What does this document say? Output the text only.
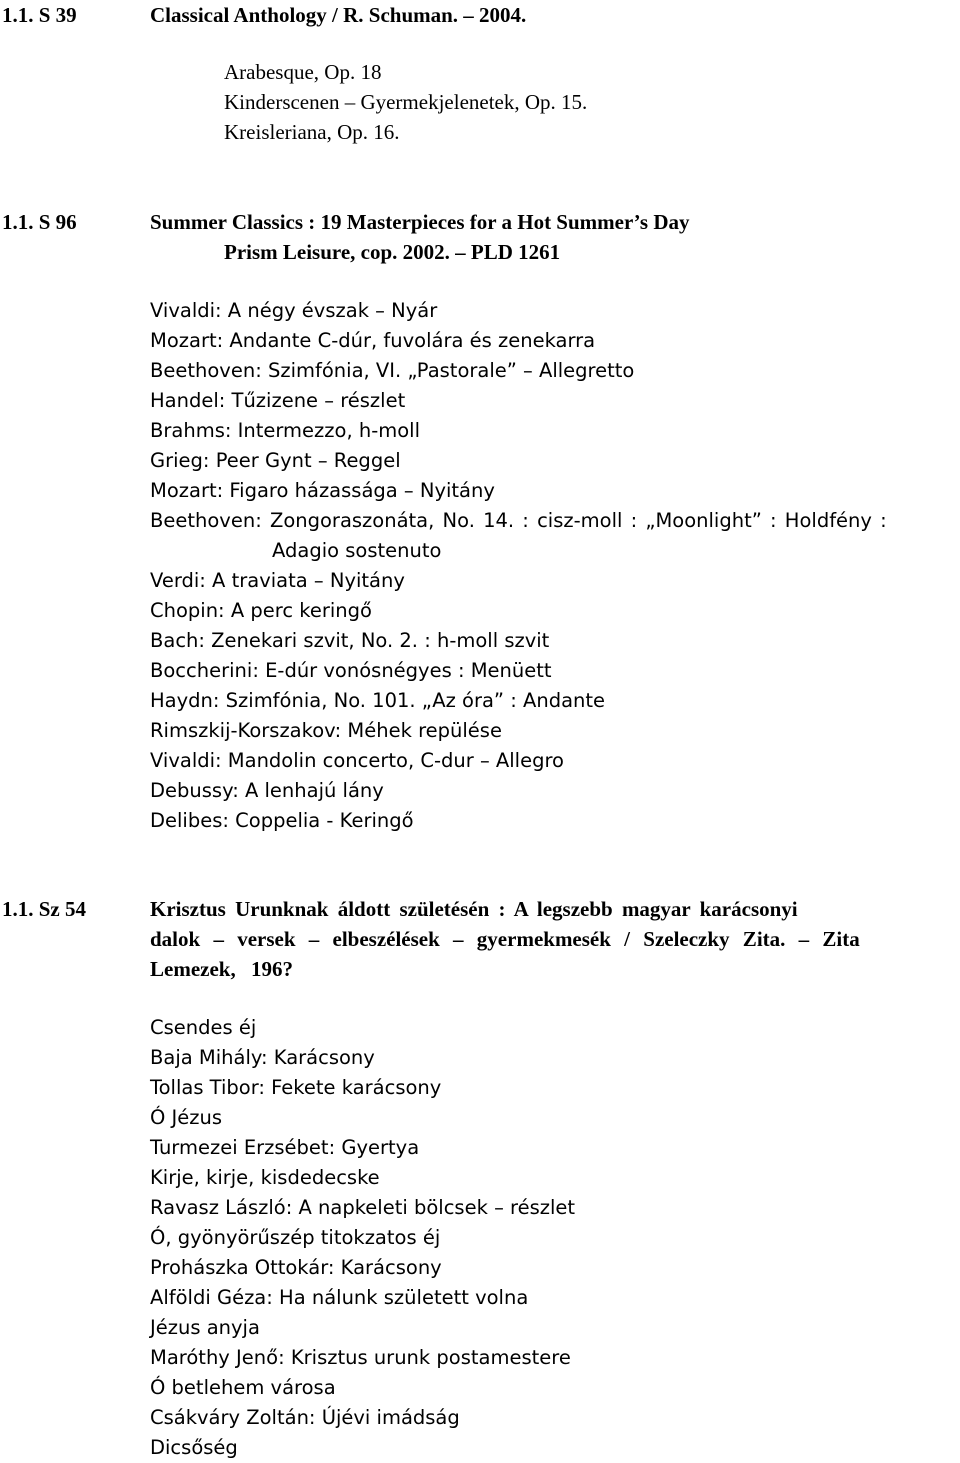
1.1. S 39	Classical Anthology / R. Schuman. – 2004.
Arabesque, Op. 18
Kinderscenen – Gyermekjelenetek, Op. 15.
Kreisleriana, Op. 16.
1.1. S 96	Summer Classics : 19 Masterpieces for a Hot Summer’s Day
Prism Leisure, cop. 2002. – PLD 1261
Vivaldi: A négy évszak – Nyár
Mozart: Andante C-dúr, fuvolára és zenekarra
Beethoven: Szimfónia, VI. „Pastorale” – Allegretto
Handel: Tűzizene – részlet
Brahms: Intermezzo, h-moll
Grieg: Peer Gynt – Reggel
Mozart: Figaro házassága – Nyitány
Beethoven: Zongoraszonáta, No. 14. : cisz-moll : „Moonlight” : Holdfény :
Adagio sostenuto
Verdi: A traviata – Nyitány
Chopin: A perc keringő
Bach: Zenekari szvit, No. 2. : h-moll szvit
Boccherini: E-dúr vonósnégyes : Menüett
Haydn: Szimfónia, No. 101. „Az óra” : Andante
Rimszkij-Korszakov: Méhek repülése
Vivaldi: Mandolin concerto, C-dur – Allegro
Debussy: A lenhajú lány
Delibes: Coppelia - Keringő
1.1. Sz 54	Krisztus Urunknak áldott születésén : A legszebb magyar karácsonyi
dalok – versek – elbeszélések – gyermekmesék / Szeleczky Zita. – Zita
Lemezek, 196?
Csendes éj
Baja Mihály: Karácsony
Tollas Tibor: Fekete karácsony
Ó Jézus
Turmezei Erzsébet: Gyertya
Kirje, kirje, kisdedecske
Ravasz László: A napkeleti bölcsek – részlet
Ó, gyönyörűszép titokzatos éj
Prohászka Ottokár: Karácsony
Alföldi Géza: Ha nálunk született volna
Jézus anyja
Maróthy Jenő: Krisztus urunk postamestere
Ó betlehem városa
Csákváry Zoltán: Újévi imádság
Dicsőség
